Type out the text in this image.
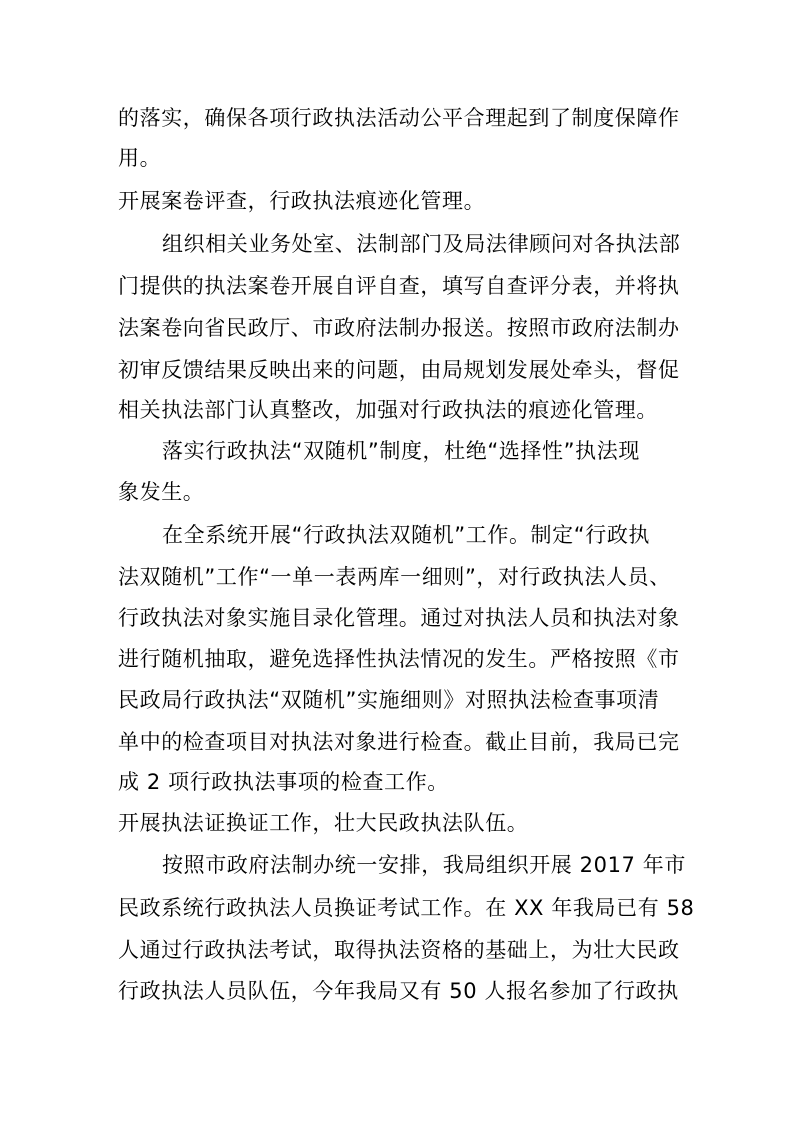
的落实，确保各项行政执法活动公平合理起到了制度保障作
用。
开展案卷评查，行政执法痕迹化管理。
组织相关业务处室、法制部门及局法律顾问对各执法部
门提供的执法案卷开展自评自查，填写自查评分表，并将执
法案卷向省民政厅、市政府法制办报送。按照市政府法制办
初审反馈结果反映出来的问题，由局规划发展处牵头，督促
相关执法部门认真整改，加强对行政执法的痕迹化管理。
落实行政执法“双随机”制度，杜绝“选择性”执法现
象发生。
在全系统开展“行政执法双随机”工作。制定“行政执
法双随机”工作“一单一表两库一细则”，对行政执法人员、
行政执法对象实施目录化管理。通过对执法人员和执法对象
进行随机抽取，避免选择性执法情况的发生。严格按照《市
民政局行政执法“双随机”实施细则》对照执法检查事项清
单中的检查项目对执法对象进行检查。截止目前，我局已完
成 2 项行政执法事项的检查工作。
开展执法证换证工作，壮大民政执法队伍。
按照市政府法制办统一安排，我局组织开展 2017 年市
民政系统行政执法人员换证考试工作。在 XX 年我局已有 58
人通过行政执法考试，取得执法资格的基础上，为壮大民政
行政执法人员队伍，今年我局又有 50 人报名参加了行政执
